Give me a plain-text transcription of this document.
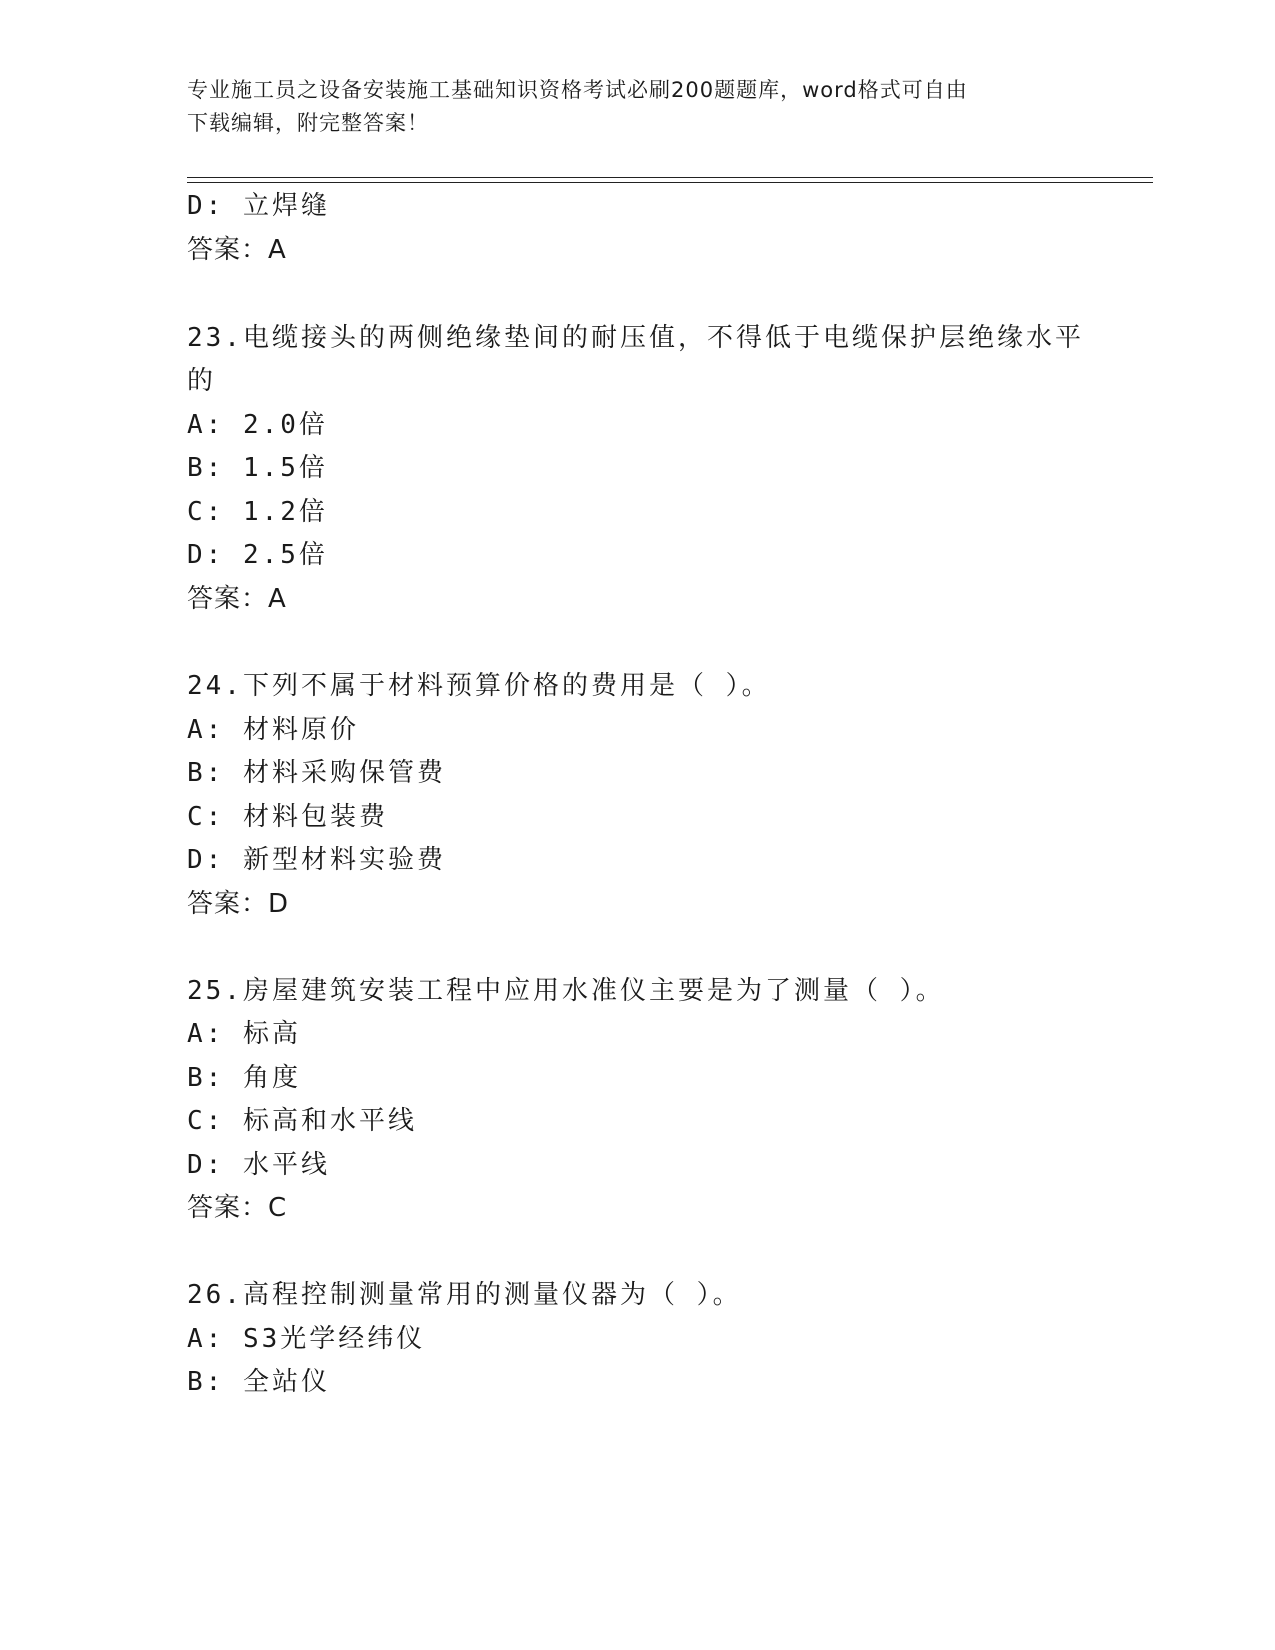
专业施工员之设备安装施工基础知识资格考试必刷200题题库，word格式可自由
下载编辑，附完整答案！
D: 立焊缝
答案：A
23.电缆接头的两侧绝缘垫间的耐压值，不得低于电缆保护层绝缘水平
的
A: 2.0倍
B: 1.5倍
C: 1.2倍
D: 2.5倍
答案：A
24.下列不属于材料预算价格的费用是（ ）。
A: 材料原价
B: 材料采购保管费
C: 材料包装费
D: 新型材料实验费
答案：D
25.房屋建筑安装工程中应用水准仪主要是为了测量（ ）。
A: 标高
B: 角度
C: 标高和水平线
D: 水平线
答案：C
26.高程控制测量常用的测量仪器为（ ）。
A: S3光学经纬仪
B: 全站仪
